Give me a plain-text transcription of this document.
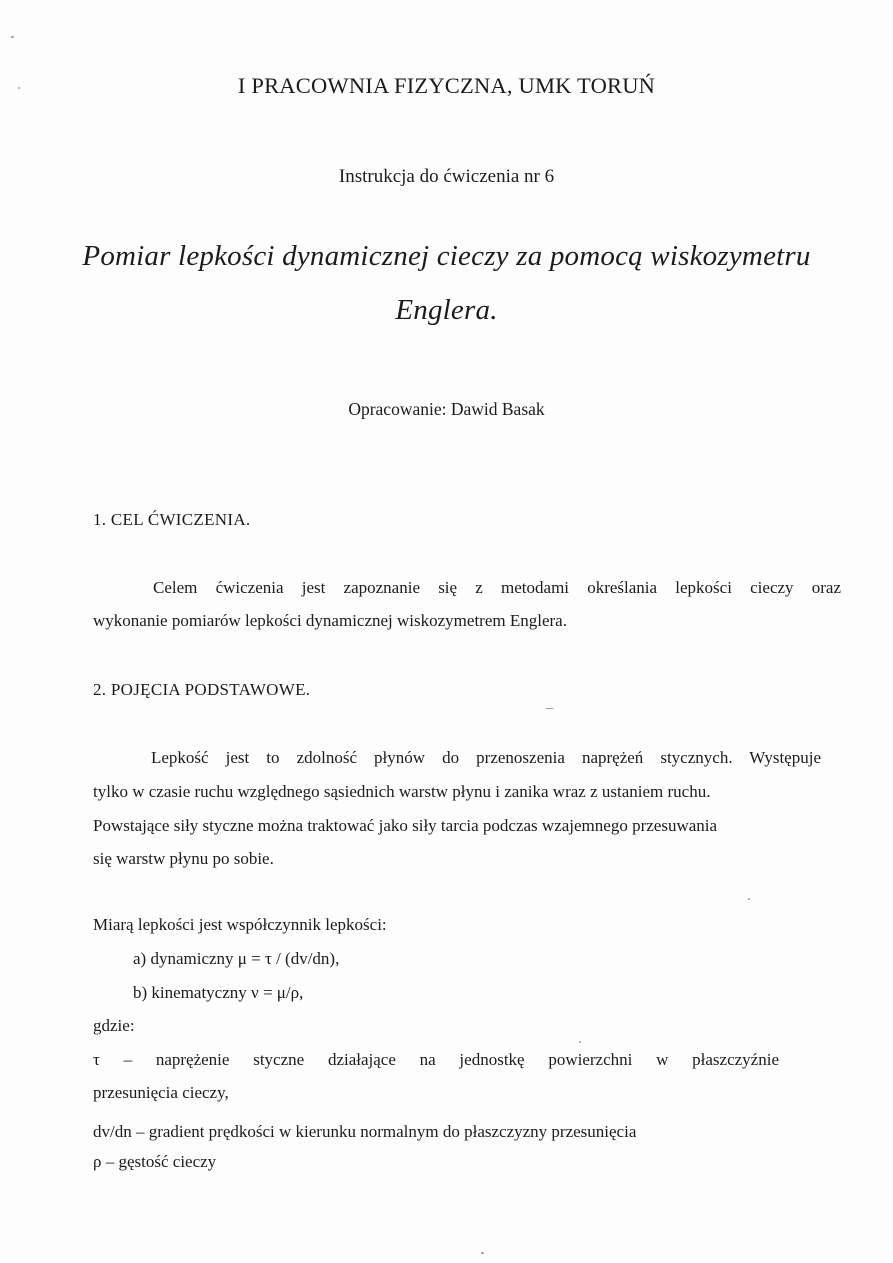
I PRACOWNIA FIZYCZNA, UMK TORUŃ
Instrukcja do ćwiczenia nr 6
Pomiar lepkości dynamicznej cieczy za pomocą wiskozymetru
Englera.
Opracowanie: Dawid Basak
1. CEL ĆWICZENIA.
Celem ćwiczenia jest zapoznanie się z metodami określania lepkości cieczy oraz
wykonanie pomiarów lepkości dynamicznej wiskozymetrem Englera.
2. POJĘCIA PODSTAWOWE.
Lepkość jest to zdolność płynów do przenoszenia naprężeń stycznych. Występuje
tylko w czasie ruchu względnego sąsiednich warstw płynu i zanika wraz z ustaniem ruchu.
Powstające siły styczne można traktować jako siły tarcia podczas wzajemnego przesuwania
się warstw płynu po sobie.
Miarą lepkości jest współczynnik lepkości:
a) dynamiczny μ = τ / (dv/dn),
b) kinematyczny ν = μ/ρ,
gdzie:
τ – naprężenie styczne działające na jednostkę powierzchni w płaszczyźnie
przesunięcia cieczy,
dv/dn – gradient prędkości w kierunku normalnym do płaszczyzny przesunięcia
ρ – gęstość cieczy
